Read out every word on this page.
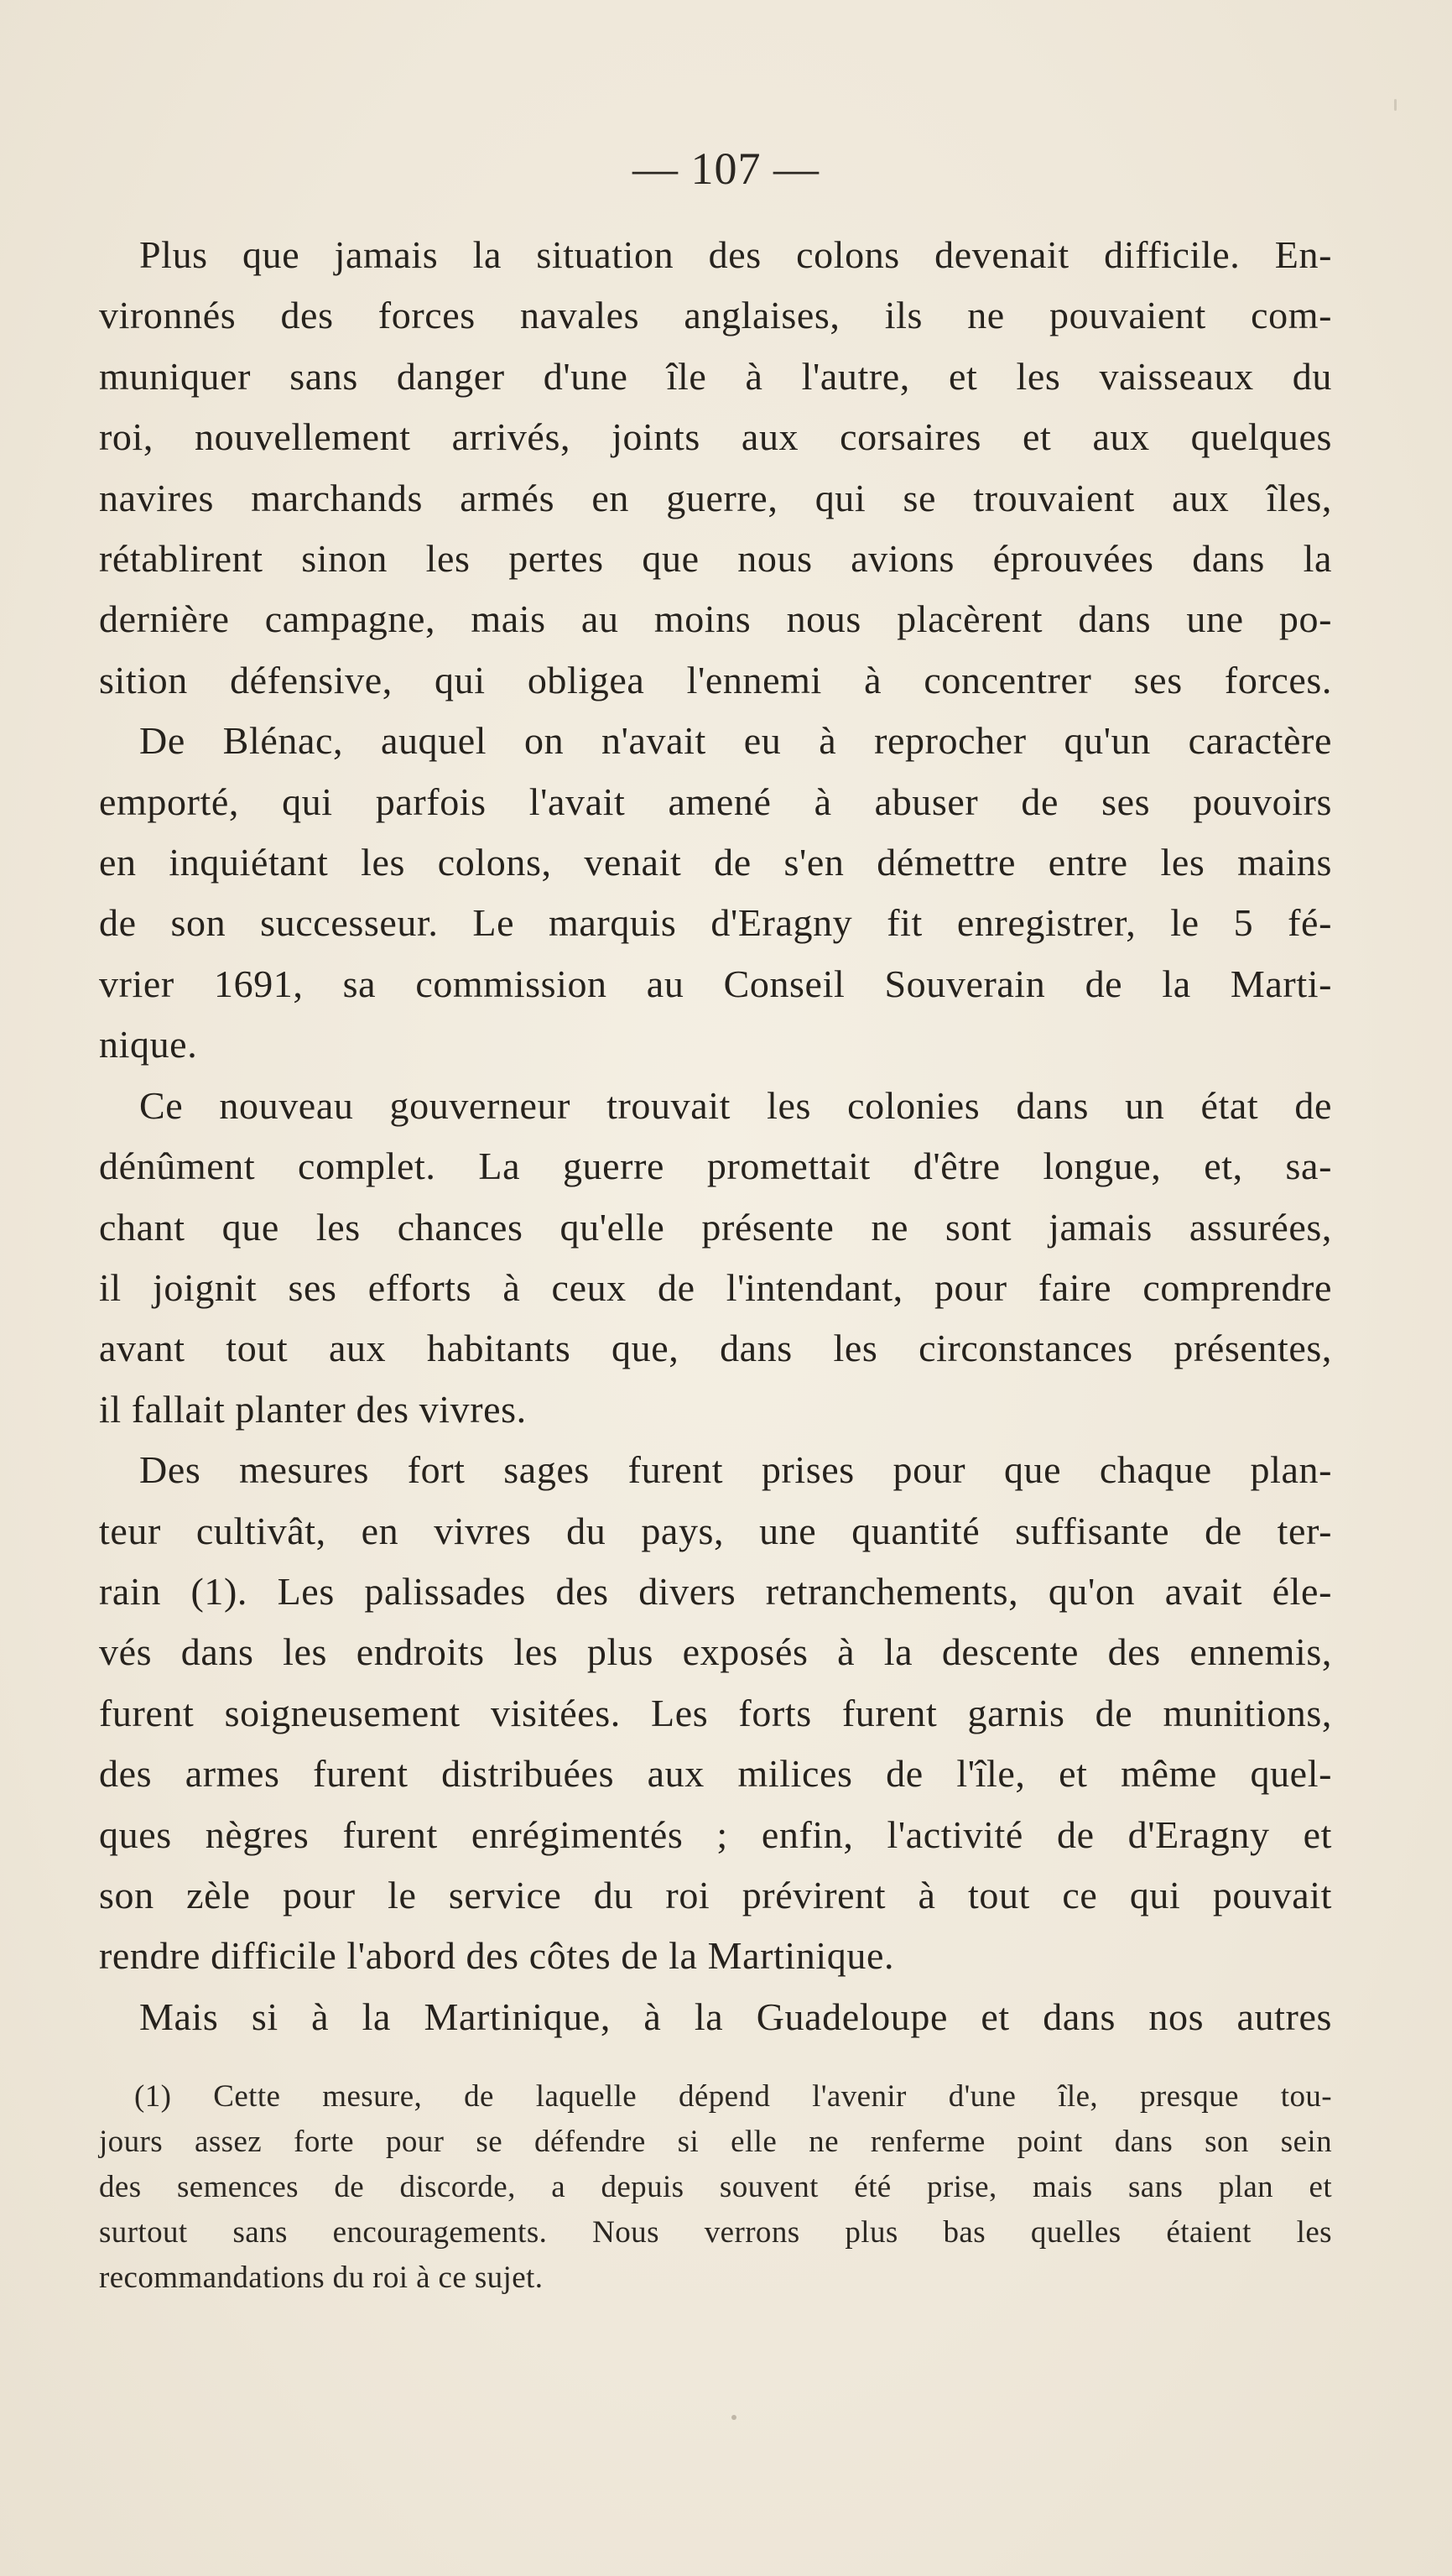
— 107 —

Plus que jamais la situation des colons devenait difficile. En-
vironnés des forces navales anglaises, ils ne pouvaient com-
muniquer sans danger d'une île à l'autre, et les vaisseaux du
roi, nouvellement arrivés, joints aux corsaires et aux quelques
navires marchands armés en guerre, qui se trouvaient aux îles,
rétablirent sinon les pertes que nous avions éprouvées dans la
dernière campagne, mais au moins nous placèrent dans une po-
sition défensive, qui obligea l'ennemi à concentrer ses forces.

De Blénac, auquel on n'avait eu à reprocher qu'un caractère
emporté, qui parfois l'avait amené à abuser de ses pouvoirs
en inquiétant les colons, venait de s'en démettre entre les mains
de son successeur. Le marquis d'Eragny fit enregistrer, le 5 fé-
vrier 1691, sa commission au Conseil Souverain de la Marti-
nique.

Ce nouveau gouverneur trouvait les colonies dans un état de
dénûment complet. La guerre promettait d'être longue, et, sa-
chant que les chances qu'elle présente ne sont jamais assurées,
il joignit ses efforts à ceux de l'intendant, pour faire comprendre
avant tout aux habitants que, dans les circonstances présentes,
il fallait planter des vivres.

Des mesures fort sages furent prises pour que chaque plan-
teur cultivât, en vivres du pays, une quantité suffisante de ter-
rain (1). Les palissades des divers retranchements, qu'on avait éle-
vés dans les endroits les plus exposés à la descente des ennemis,
furent soigneusement visitées. Les forts furent garnis de munitions,
des armes furent distribuées aux milices de l'île, et même quel-
ques nègres furent enrégimentés ; enfin, l'activité de d'Eragny et
son zèle pour le service du roi prévirent à tout ce qui pouvait
rendre difficile l'abord des côtes de la Martinique.

Mais si à la Martinique, à la Guadeloupe et dans nos autres

(1) Cette mesure, de laquelle dépend l'avenir d'une île, presque tou-
jours assez forte pour se défendre si elle ne renferme point dans son sein
des semences de discorde, a depuis souvent été prise, mais sans plan et
surtout sans encouragements. Nous verrons plus bas quelles étaient les
recommandations du roi à ce sujet.
